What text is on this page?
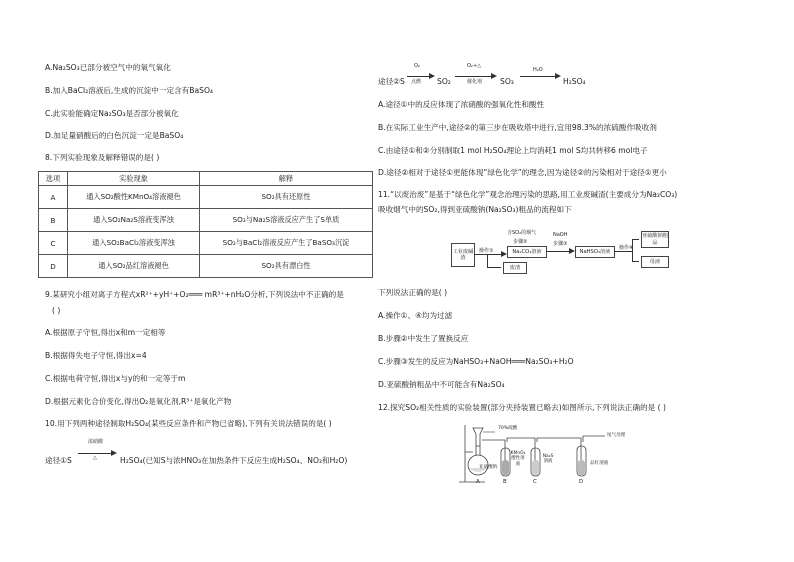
A.Na₂SO₃已部分被空气中的氧气氧化
B.加入BaCl₂溶液后,生成的沉淀中一定含有BaSO₄
C.此实验能确定Na₂SO₃是否部分被氧化
D.加足量硝酸后的白色沉淀一定是BaSO₄
8.下列实验现象及解释错误的是( )
选项	实验现象	解释
A	通入SO₂酸性KMnO₄溶液褪色	SO₂具有还原性
B	通入SO₂Na₂S溶液变浑浊	SO₂与Na₂S溶液反应产生了S单质
C	通入SO₂BaCl₂溶液变浑浊	SO₂与BaCl₂溶液反应产生了BaSO₃沉淀
D	通入SO₂品红溶液褪色	SO₂具有漂白性
9.某研究小组对离子方程式xR²⁺+yH⁺+O₂═══ mR³⁺+nH₂O分析,下列说法中不正确的是
( )
A.根据原子守恒,得出x和m一定相等
B.根据得失电子守恒,得出x=4
C.根据电荷守恒,得出x与y的和一定等于m
D.根据元素化合价变化,得出O₂是氧化剂,R³⁺是氧化产物
10.用下列两种途径制取H₂SO₄(某些反应条件和产物已省略),下列有关说法错误的是( )
途径①S
浓硝酸
△	H₂SO₄(已知S与浓HNO₃在加热条件下反应生成H₂SO₄、NO₂和H₂O)
途径②S
O₂
点燃 SO₂
O₂+△
催化剂 SO₃
H₂O
H₂SO₄
A.途径①中的反应体现了浓硝酸的强氧化性和酸性
B.在实际工业生产中,途径②的第三步在吸收塔中进行,宜用98.3%的浓硫酸作吸收剂
C.由途径①和②分别制取1 mol H₂SO₄理论上均消耗1 mol S均共转移6 mol电子
D.途径②相对于途径①更能体现“绿色化学”的理念,因为途径②的污染相对于途径①更小
11.“以废治废”是基于“绿色化学”观念治理污染的思路,用工业废碱渣(主要成分为Na₂CO₃)
吸收烟气中的SO₂,得到亚硫酸钠(Na₂SO₃)粗品的流程如下
工业废碱渣
操作①
含SO₂的烟气
步骤②
Na₂CO₃溶液
NaOH
步骤③
NaHSO₃溶液
操作④
亚硫酸钠粗品
母液
废渣
下列说法正确的是( )
A.操作①、④均为过滤
B.步骤②中发生了置换反应
C.步骤③发生的反应为NaHSO₃+NaOH═══Na₂SO₃+H₂O
D.亚硫酸钠粗品中不可能含有Na₂SO₄
12.探究SO₂相关性质的实验装置(部分夹持装置已略去)如图所示,下列说法正确的是 ( )
70%硫酸
亚硫酸钠
KMnO₄酸性溶液
Na₂S溶液
尾气处理
品红溶液
A	B	C	D
